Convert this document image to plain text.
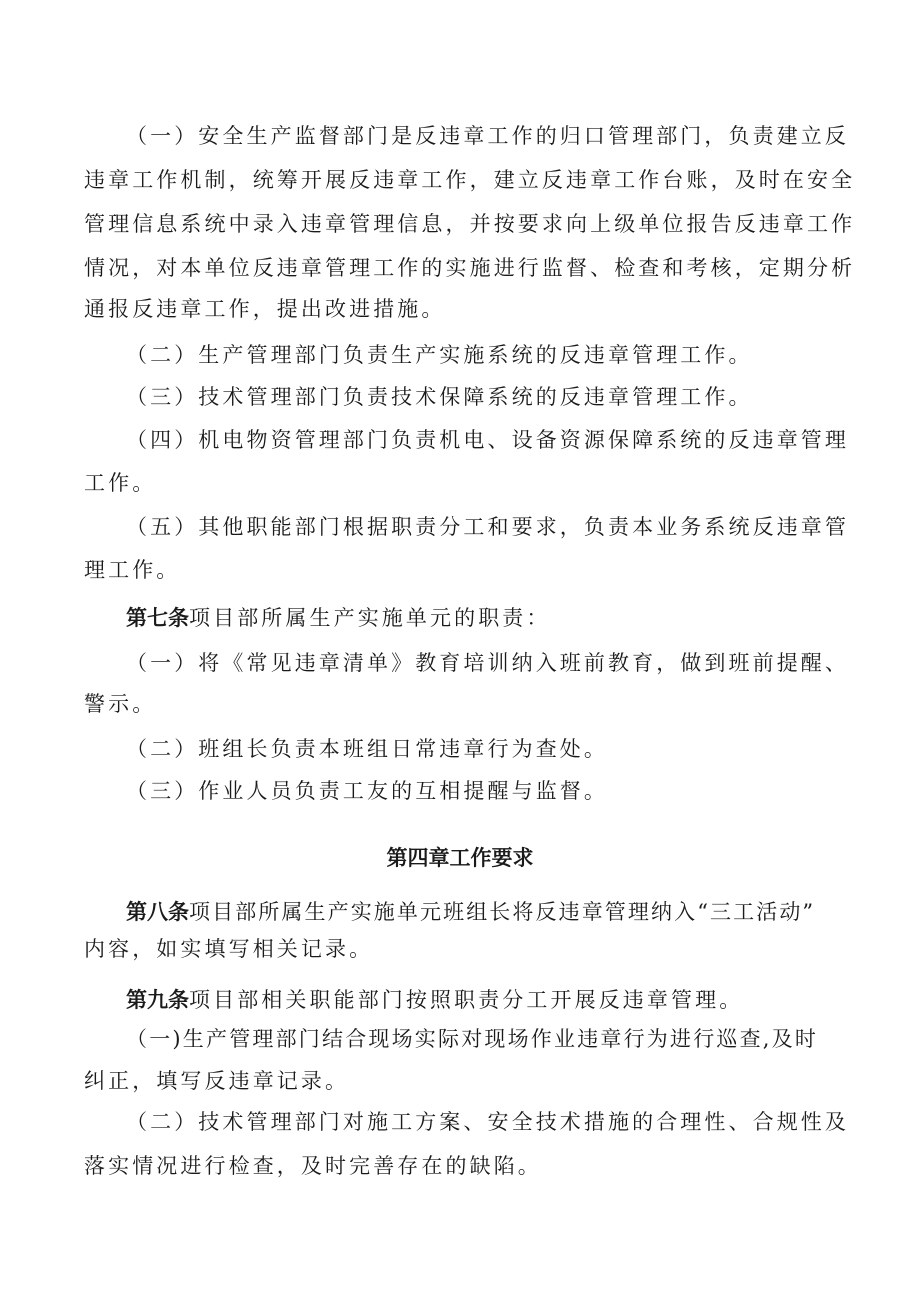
（一）安全生产监督部门是反违章工作的归口管理部门，负责建立反
违章工作机制，统筹开展反违章工作，建立反违章工作台账，及时在安全
管理信息系统中录入违章管理信息，并按要求向上级单位报告反违章工作
情况，对本单位反违章管理工作的实施进行监督、检查和考核，定期分析
通报反违章工作，提出改进措施。
（二）生产管理部门负责生产实施系统的反违章管理工作。
（三）技术管理部门负责技术保障系统的反违章管理工作。
（四）机电物资管理部门负责机电、设备资源保障系统的反违章管理
工作。
（五）其他职能部门根据职责分工和要求，负责本业务系统反违章管
理工作。
第七条项目部所属生产实施单元的职责：
（一）将《常见违章清单》教育培训纳入班前教育，做到班前提醒、
警示。
（二）班组长负责本班组日常违章行为查处。
（三）作业人员负责工友的互相提醒与监督。
第四章工作要求
第八条项目部所属生产实施单元班组长将反违章管理纳入“三工活动”
内容，如实填写相关记录。
第九条项目部相关职能部门按照职责分工开展反违章管理。
（一)生产管理部门结合现场实际对现场作业违章行为进行巡查,及时
纠正，填写反违章记录。
（二）技术管理部门对施工方案、安全技术措施的合理性、合规性及
落实情况进行检查，及时完善存在的缺陷。
